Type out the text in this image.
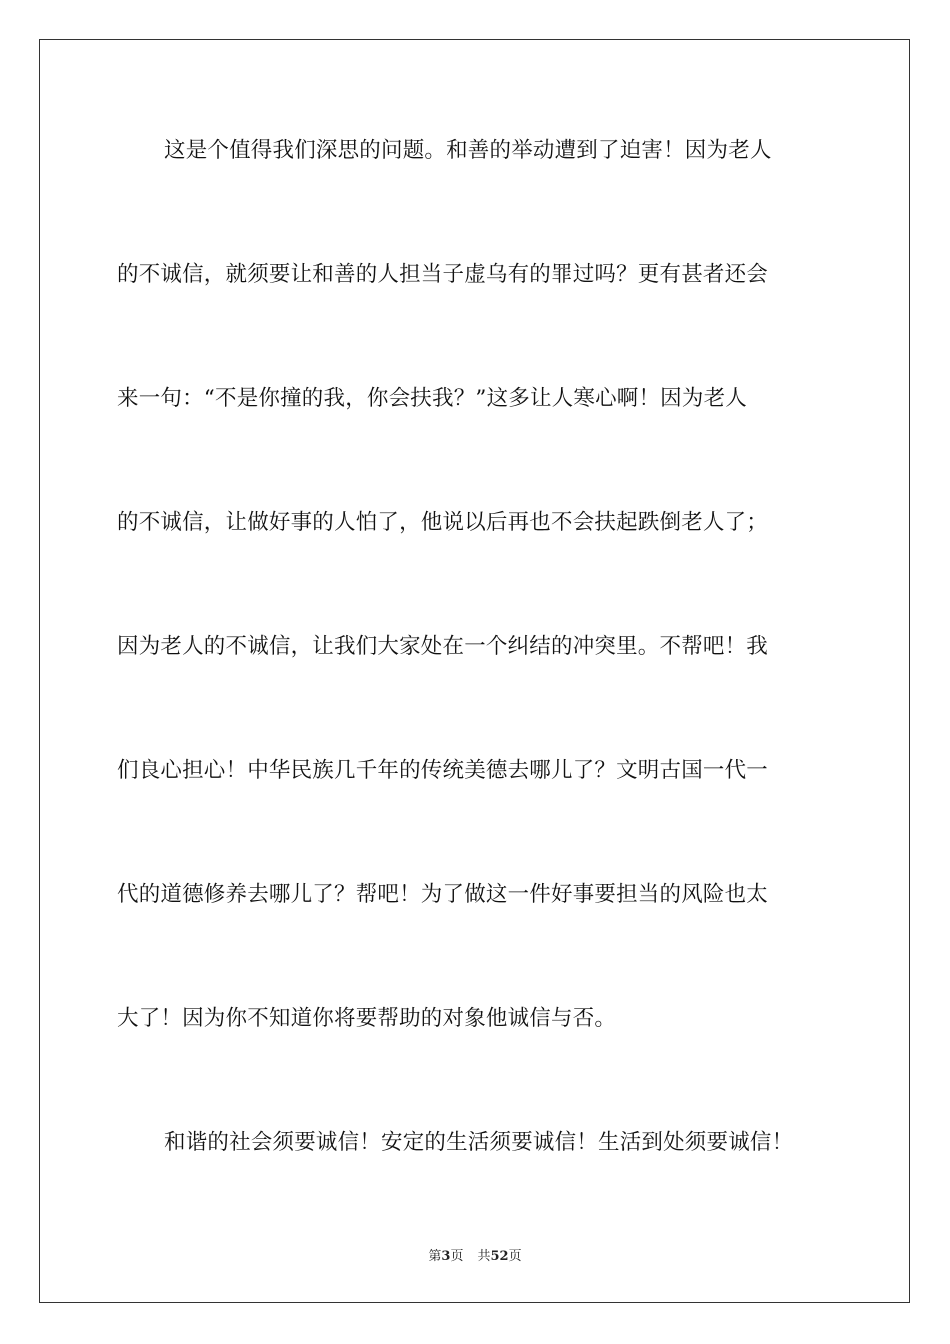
这是个值得我们深思的问题。和善的举动遭到了迫害！因为老人
的不诚信，就须要让和善的人担当子虚乌有的罪过吗？更有甚者还会
来一句：“不是你撞的我，你会扶我？”这多让人寒心啊！因为老人
的不诚信，让做好事的人怕了，他说以后再也不会扶起跌倒老人了；
因为老人的不诚信，让我们大家处在一个纠结的冲突里。不帮吧！我
们良心担心！中华民族几千年的传统美德去哪儿了？文明古国一代一
代的道德修养去哪儿了？帮吧！为了做这一件好事要担当的风险也太
大了！因为你不知道你将要帮助的对象他诚信与否。
和谐的社会须要诚信！安定的生活须要诚信！生活到处须要诚信！
第3页 共52页
